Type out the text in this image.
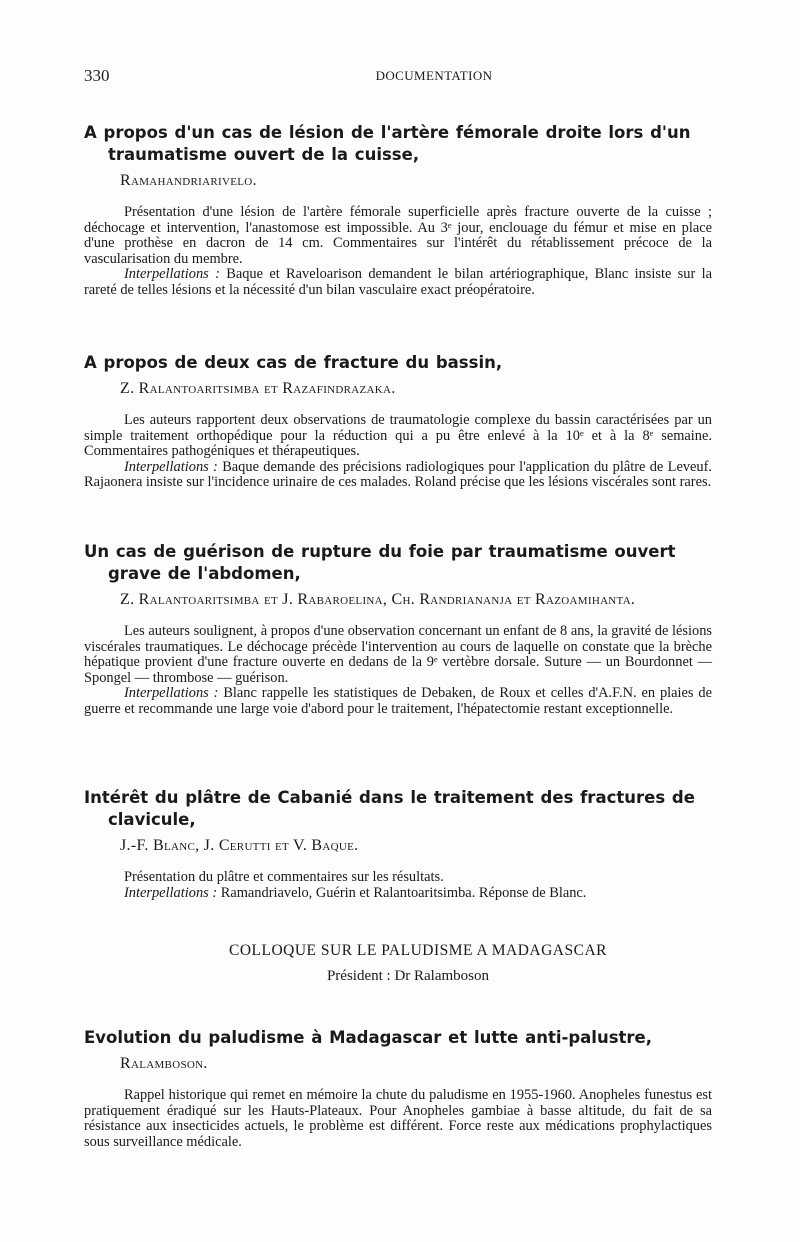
330	DOCUMENTATION
A propos d'un cas de lésion de l'artère fémorale droite lors d'un traumatisme ouvert de la cuisse,
Ramahandriarivelo.

Présentation d'une lésion de l'artère fémorale superficielle après fracture ouverte de la cuisse ; déchocage et intervention, l'anastomose est impossible. Au 3ᵉ jour, enclouage du fémur et mise en place d'une prothèse en dacron de 14 cm. Commentaires sur l'intérêt du rétablissement précoce de la vascularisation du membre.

Interpellations : Baque et Raveloarison demandent le bilan artériographique, Blanc insiste sur la rareté de telles lésions et la nécessité d'un bilan vasculaire exact préopératoire.

A propos de deux cas de fracture du bassin,
Z. Ralantoaritsimba et Razafindrazaka.

Les auteurs rapportent deux observations de traumatologie complexe du bassin caractérisées par un simple traitement orthopédique pour la réduction qui a pu être enlevé à la 10ᵉ et à la 8ᵉ semaine. Commentaires pathogéniques et thérapeutiques.

Interpellations : Baque demande des précisions radiologiques pour l'application du plâtre de Leveuf. Rajaonera insiste sur l'incidence urinaire de ces malades. Roland précise que les lésions viscérales sont rares.

Un cas de guérison de rupture du foie par traumatisme ouvert grave de l'abdomen,
Z. Ralantoaritsimba et J. Rabaroelina, Ch. Randriananja et Razoamihanta.

Les auteurs soulignent, à propos d'une observation concernant un enfant de 8 ans, la gravité de lésions viscérales traumatiques. Le déchocage précède l'intervention au cours de laquelle on constate que la brèche hépatique provient d'une fracture ouverte en dedans de la 9ᵉ vertèbre dorsale. Suture — un Bourdonnet — Spongel — thrombose — guérison.

Interpellations : Blanc rappelle les statistiques de Debaken, de Roux et celles d'A.F.N. en plaies de guerre et recommande une large voie d'abord pour le traitement, l'hépatectomie restant exceptionnelle.

Intérêt du plâtre de Cabanié dans le traitement des fractures de clavicule,
J.-F. Blanc, J. Cerutti et V. Baque.

Présentation du plâtre et commentaires sur les résultats.

Interpellations : Ramandriavelo, Guérin et Ralantoaritsimba. Réponse de Blanc.

COLLOQUE SUR LE PALUDISME A MADAGASCAR
Président : Dr Ralamboson
Evolution du paludisme à Madagascar et lutte anti-palustre,
Ralamboson.

Rappel historique qui remet en mémoire la chute du paludisme en 1955-1960. Anopheles funestus est pratiquement éradiqué sur les Hauts-Plateaux. Pour Anopheles gambiae à basse altitude, du fait de sa résistance aux insecticides actuels, le problème est différent. Force reste aux médications prophylactiques sous surveillance médicale.
